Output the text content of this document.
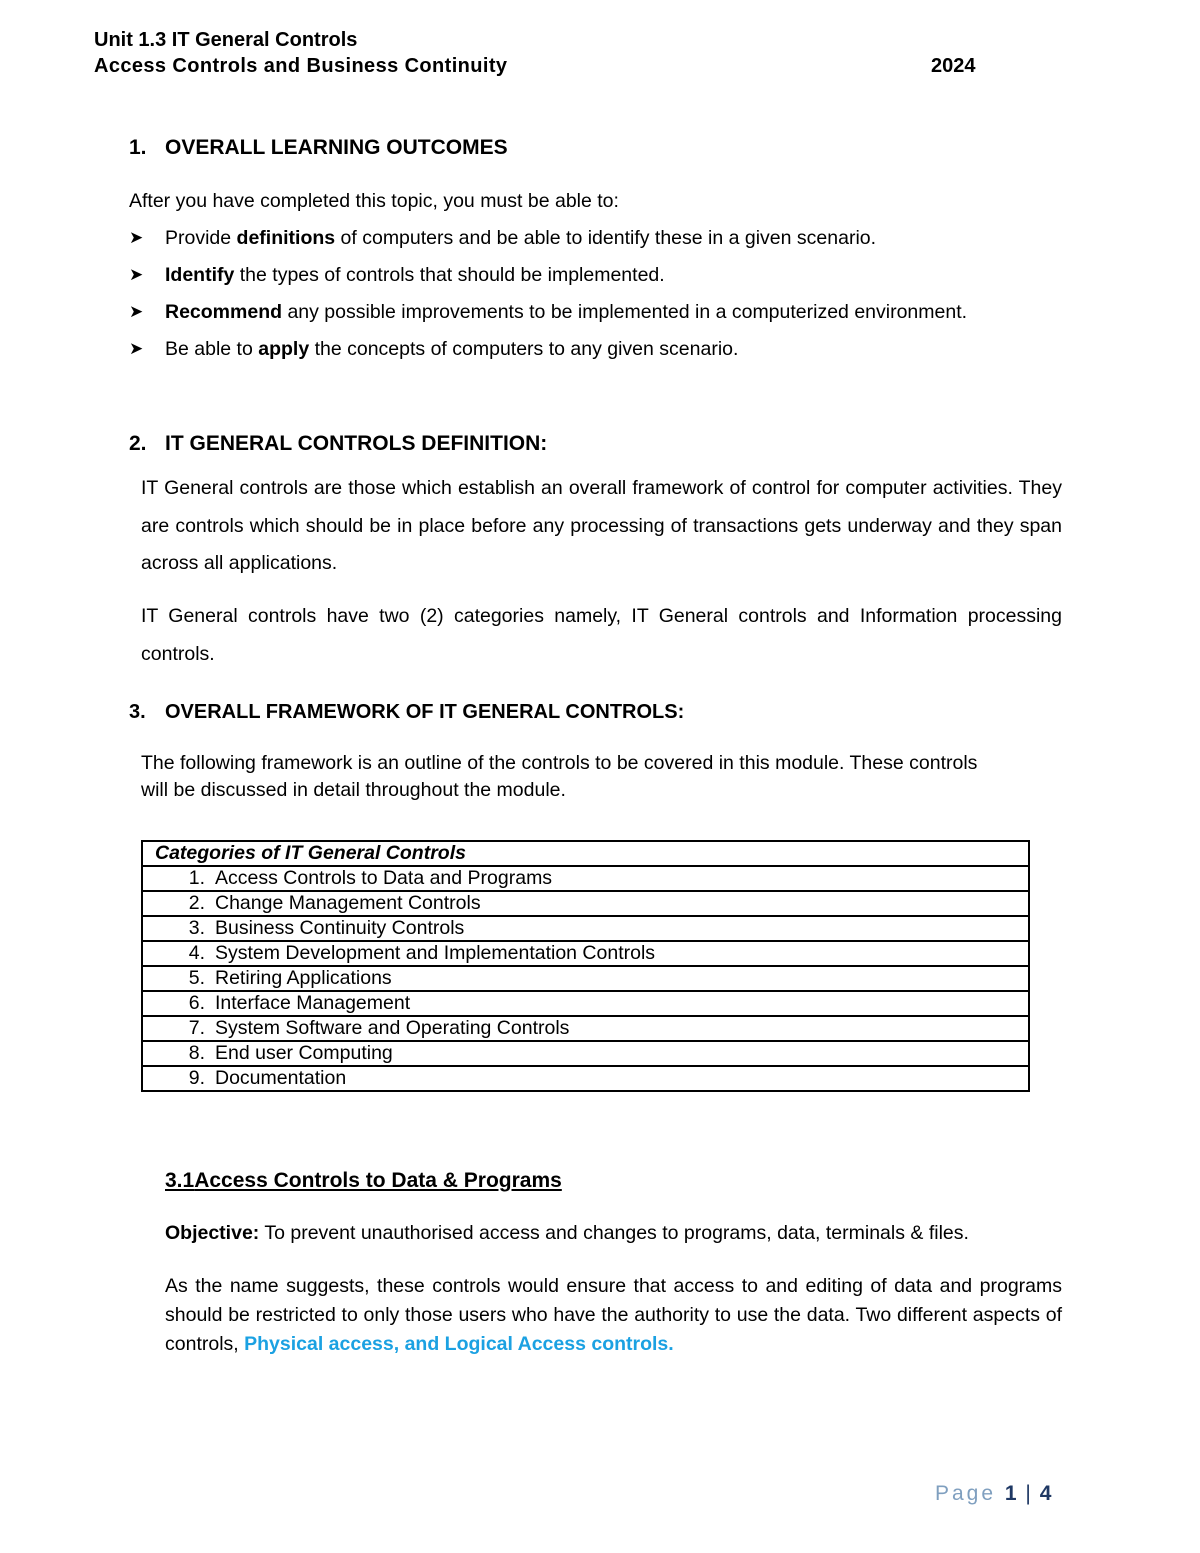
Unit 1.3 IT General Controls
Access Controls and Business Continuity	2024
1. OVERALL LEARNING OUTCOMES
After you have completed this topic, you must be able to:
➤	Provide definitions of computers and be able to identify these in a given scenario.
➤	Identify the types of controls that should be implemented.
➤	Recommend any possible improvements to be implemented in a computerized environment.
➤	Be able to apply the concepts of computers to any given scenario.
2. IT GENERAL CONTROLS DEFINITION:
IT General controls are those which establish an overall framework of control for computer activities. They are controls which should be in place before any processing of transactions gets underway and they span across all applications.
IT General controls have two (2) categories namely, IT General controls and Information processing controls.
3. OVERALL FRAMEWORK OF IT GENERAL CONTROLS:
The following framework is an outline of the controls to be covered in this module. These controls will be discussed in detail throughout the module.
Categories of IT General Controls
1. Access Controls to Data and Programs
2. Change Management Controls
3. Business Continuity Controls
4. System Development and Implementation Controls
5. Retiring Applications
6. Interface Management
7. System Software and Operating Controls
8. End user Computing
9. Documentation
3.1Access Controls to Data & Programs
Objective: To prevent unauthorised access and changes to programs, data, terminals & files.
As the name suggests, these controls would ensure that access to and editing of data and programs should be restricted to only those users who have the authority to use the data. Two different aspects of controls, Physical access, and Logical Access controls.
Page 1 | 4
